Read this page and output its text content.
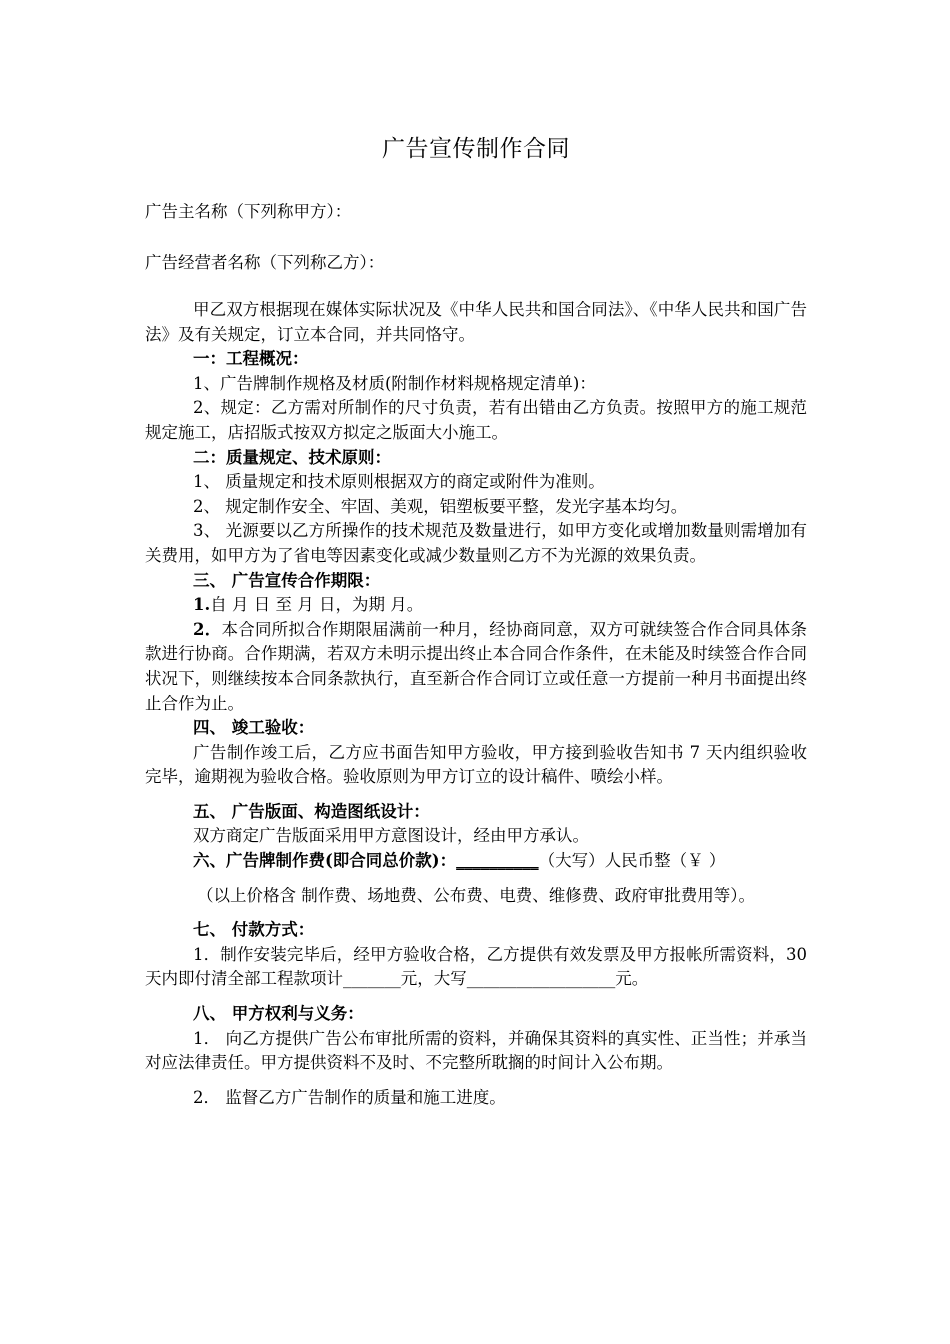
广告宣传制作合同
广告主名称（下列称甲方）：
广告经营者名称（下列称乙方）：

甲乙双方根据现在媒体实际状况及《中华人民共和国合同法》、《中华人民共和国广告法》及有关规定，订立本合同，并共同恪守。

一：工程概况：

1、广告牌制作规格及材质(附制作材料规格规定清单)：

2、规定：乙方需对所制作的尺寸负责，若有出错由乙方负责。按照甲方的施工规范规定施工，店招版式按双方拟定之版面大小施工。

二：质量规定、技术原则：

1、 质量规定和技术原则根据双方的商定或附件为准则。

2、 规定制作安全、牢固、美观，铝塑板要平整，发光字基本均匀。

3、 光源要以乙方所操作的技术规范及数量进行，如甲方变化或增加数量则需增加有关费用，如甲方为了省电等因素变化或减少数量则乙方不为光源的效果负责。

三、 广告宣传合作期限：

1.自 月 日 至 月 日，为期 月。

2．本合同所拟合作期限届满前一种月，经协商同意，双方可就续签合作合同具体条款进行协商。合作期满，若双方未明示提出终止本合同合作条件，在未能及时续签合作合同状况下，则继续按本合同条款执行，直至新合作合同订立或任意一方提前一种月书面提出终止合作为止。

四、 竣工验收：

广告制作竣工后，乙方应书面告知甲方验收，甲方接到验收告知书 7 天内组织验收完毕，逾期视为验收合格。验收原则为甲方订立的设计稿件、喷绘小样。

五、 广告版面、构造图纸设计：

双方商定广告版面采用甲方意图设计，经由甲方承认。

六、广告牌制作费(即合同总价款)：__________（大写）人民币整（￥ ）

（以上价格含 制作费、场地费、公布费、电费、维修费、政府审批费用等）。

七、 付款方式：

1．制作安装完毕后，经甲方验收合格，乙方提供有效发票及甲方报帐所需资料，30 天内即付清全部工程款项计_______元，大写__________________元。

八、 甲方权利与义务：

1． 向乙方提供广告公布审批所需的资料，并确保其资料的真实性、正当性；并承当对应法律责任。甲方提供资料不及时、不完整所耽搁的时间计入公布期。

2． 监督乙方广告制作的质量和施工进度。
